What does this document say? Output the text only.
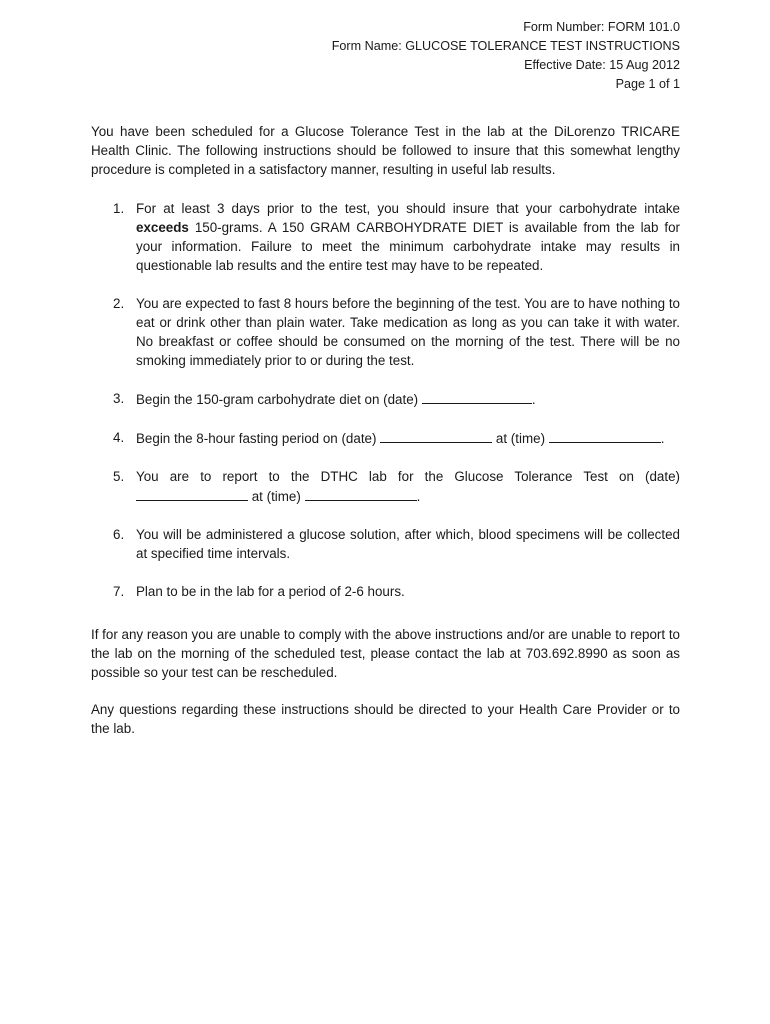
Form Number: FORM 101.0
Form Name: GLUCOSE TOLERANCE TEST INSTRUCTIONS
Effective Date: 15 Aug 2012
Page 1 of 1

You have been scheduled for a Glucose Tolerance Test in the lab at the DiLorenzo TRICARE Health Clinic. The following instructions should be followed to insure that this somewhat lengthy procedure is completed in a satisfactory manner, resulting in useful lab results.

1. For at least 3 days prior to the test, you should insure that your carbohydrate intake exceeds 150-grams. A 150 GRAM CARBOHYDRATE DIET is available from the lab for your information. Failure to meet the minimum carbohydrate intake may results in questionable lab results and the entire test may have to be repeated.
2. You are expected to fast 8 hours before the beginning of the test. You are to have nothing to eat or drink other than plain water. Take medication as long as you can take it with water. No breakfast or coffee should be consumed on the morning of the test. There will be no smoking immediately prior to or during the test.
3. Begin the 150-gram carbohydrate diet on (date)	.
4. Begin the 8-hour fasting period on (date)	at (time)	.
5. You are to report to the DTHC lab for the Glucose Tolerance Test on (date)  at (time)	.
6. You will be administered a glucose solution, after which, blood specimens will be collected at specified time intervals.
7. Plan to be in the lab for a period of 2-6 hours.

If for any reason you are unable to comply with the above instructions and/or are unable to report to the lab on the morning of the scheduled test, please contact the lab at 703.692.8990 as soon as possible so your test can be rescheduled.

Any questions regarding these instructions should be directed to your Health Care Provider or to the lab.
